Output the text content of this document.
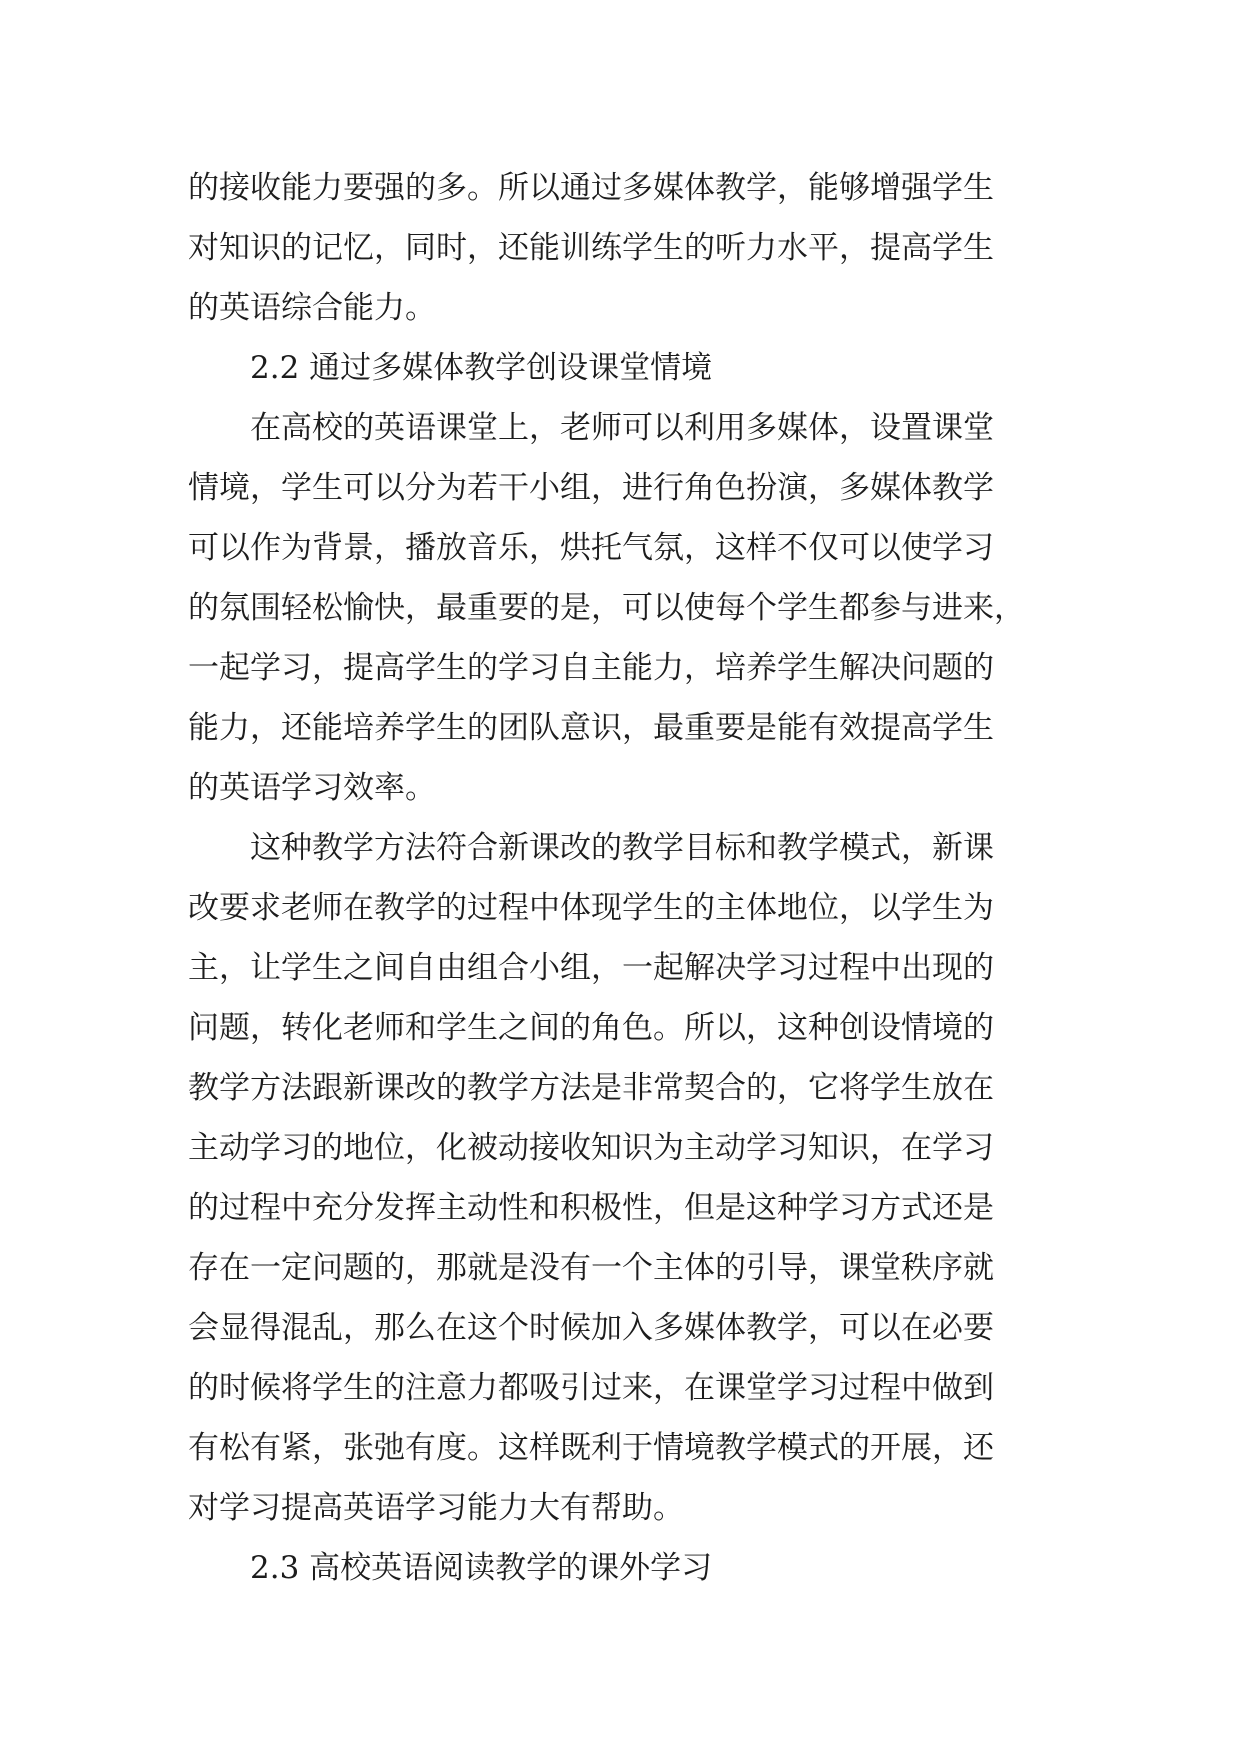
的接收能力要强的多。所以通过多媒体教学，能够增强学生

对知识的记忆，同时，还能训练学生的听力水平，提高学生

的英语综合能力。

2.2 通过多媒体教学创设课堂情境

在高校的英语课堂上，老师可以利用多媒体，设置课堂

情境，学生可以分为若干小组，进行角色扮演，多媒体教学

可以作为背景，播放音乐，烘托气氛，这样不仅可以使学习

的氛围轻松愉快，最重要的是，可以使每个学生都参与进来，

一起学习，提高学生的学习自主能力，培养学生解决问题的

能力，还能培养学生的团队意识，最重要是能有效提高学生

的英语学习效率。

这种教学方法符合新课改的教学目标和教学模式，新课

改要求老师在教学的过程中体现学生的主体地位，以学生为

主，让学生之间自由组合小组，一起解决学习过程中出现的

问题，转化老师和学生之间的角色。所以，这种创设情境的

教学方法跟新课改的教学方法是非常契合的，它将学生放在

主动学习的地位，化被动接收知识为主动学习知识，在学习

的过程中充分发挥主动性和积极性，但是这种学习方式还是

存在一定问题的，那就是没有一个主体的引导，课堂秩序就

会显得混乱，那么在这个时候加入多媒体教学，可以在必要

的时候将学生的注意力都吸引过来，在课堂学习过程中做到

有松有紧，张弛有度。这样既利于情境教学模式的开展，还

对学习提高英语学习能力大有帮助。

2.3 高校英语阅读教学的课外学习
